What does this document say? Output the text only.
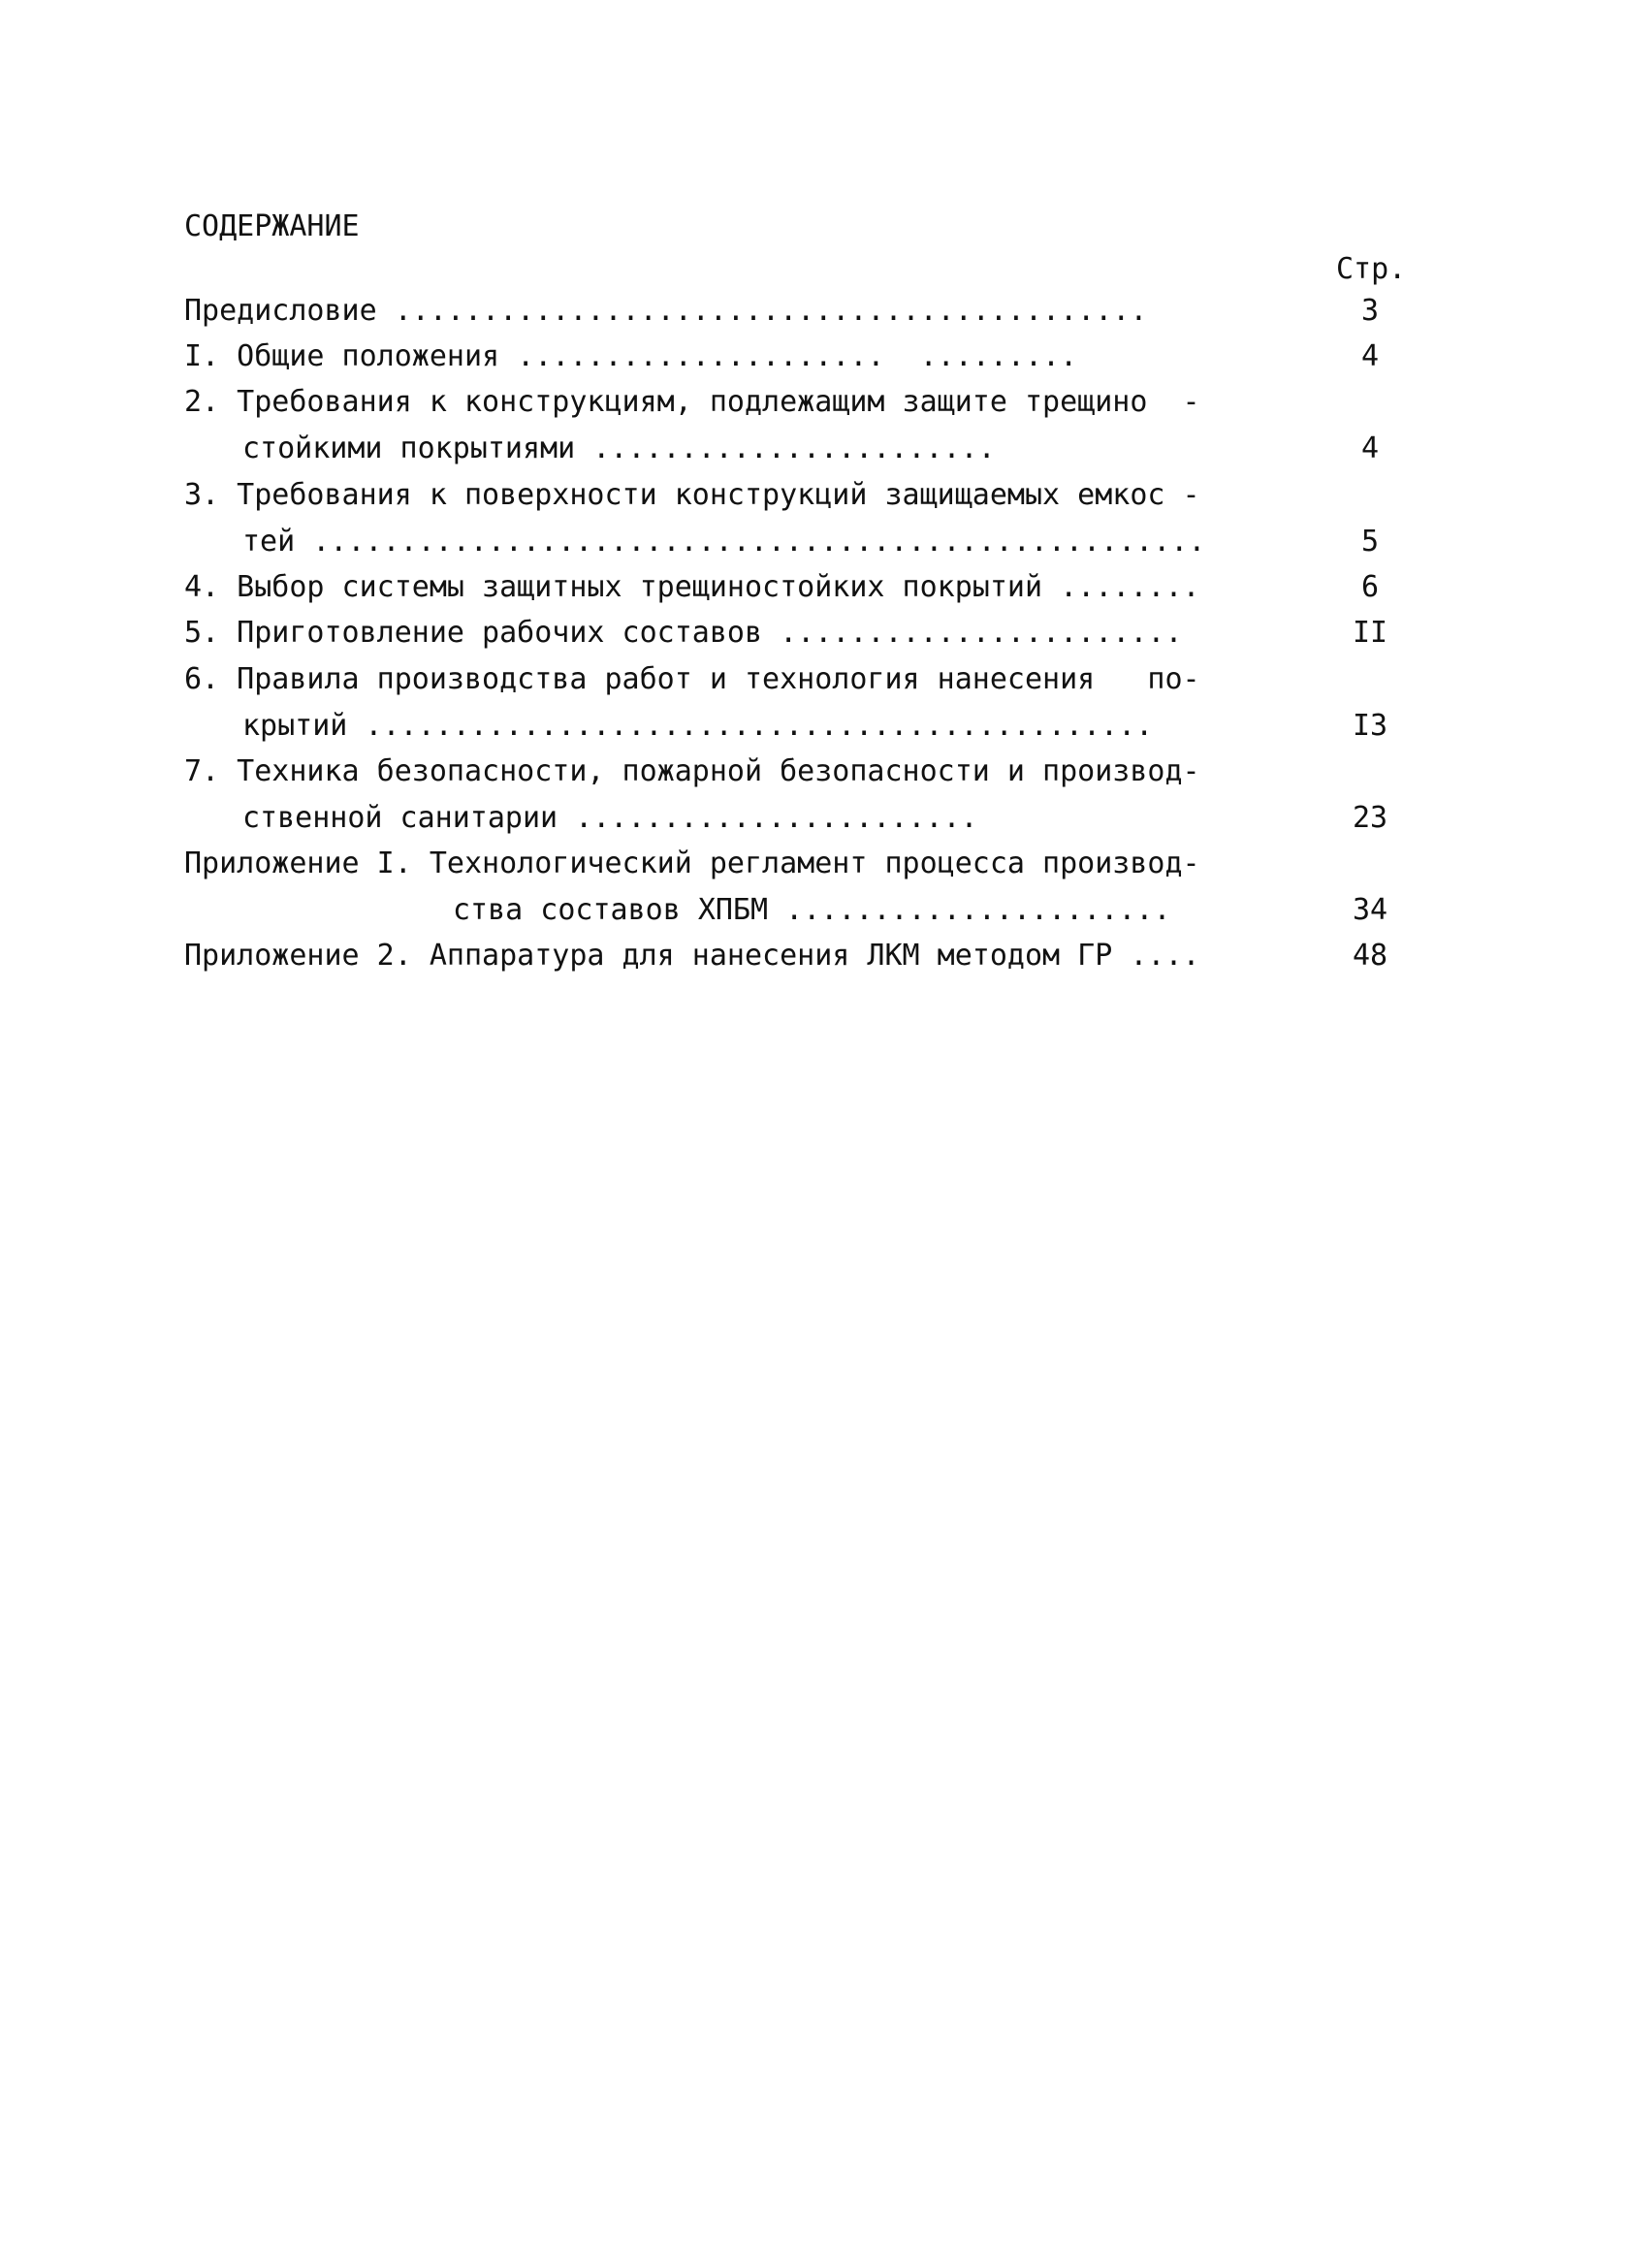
СОДЕРЖАНИЕ
Стр.
Предисловие ...........................................	3
I. Общие положения .....................  .........	4
2. Требования к конструкциям, подлежащим защите трещино  -
стойкими покрытиями .......................	4
3. Требования к поверхности конструкций защищаемых емкос -
тей ...................................................	5
4. Выбор системы защитных трещиностойких покрытий ........	6
5. Приготовление рабочих составов .......................	II
6. Правила производства работ и технология нанесения   по-
крытий .............................................	I3
7. Техника безопасности, пожарной безопасности и производ-
ственной санитарии .......................	23
Приложение I. Технологический регламент процесса производ-
ства составов ХПБМ ......................	34
Приложение 2. Аппаратура для нанесения ЛКМ методом ГР ....	48
